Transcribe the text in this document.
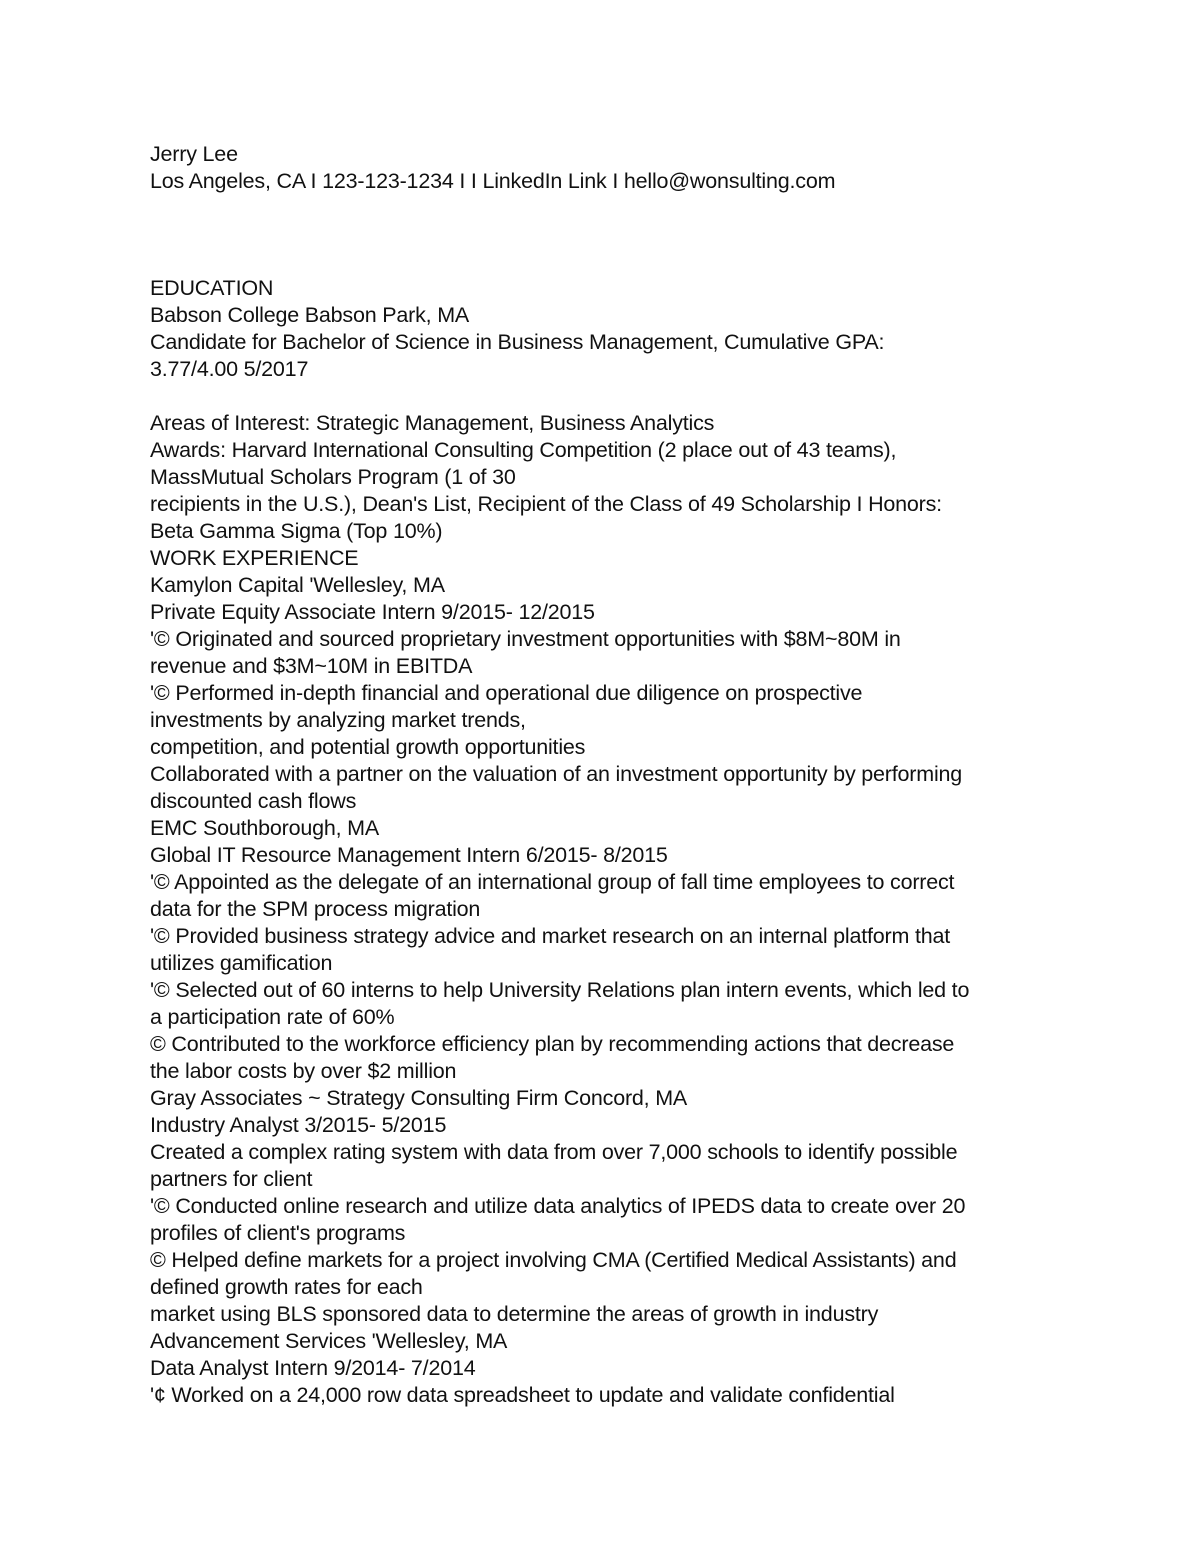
Jerry Lee
Los Angeles, CA I 123-123-1234 I I LinkedIn Link I hello@wonsulting.com
EDUCATION
Babson College Babson Park, MA
Candidate for Bachelor of Science in Business Management, Cumulative GPA:
3.77/4.00 5/2017
Areas of Interest: Strategic Management, Business Analytics
Awards: Harvard International Consulting Competition (2 place out of 43 teams),
MassMutual Scholars Program (1 of 30
recipients in the U.S.), Dean's List, Recipient of the Class of 49 Scholarship I Honors:
Beta Gamma Sigma (Top 10%)
WORK EXPERIENCE
Kamylon Capital 'Wellesley, MA
Private Equity Associate Intern 9/2015- 12/2015
'© Originated and sourced proprietary investment opportunities with $8M~80M in
revenue and $3M~10M in EBITDA
'© Performed in-depth financial and operational due diligence on prospective
investments by analyzing market trends,
competition, and potential growth opportunities
Collaborated with a partner on the valuation of an investment opportunity by performing
discounted cash flows
EMC Southborough, MA
Global IT Resource Management Intern 6/2015- 8/2015
'© Appointed as the delegate of an international group of fall time employees to correct
data for the SPM process migration
'© Provided business strategy advice and market research on an internal platform that
utilizes gamification
'© Selected out of 60 interns to help University Relations plan intern events, which led to
a participation rate of 60%
© Contributed to the workforce efficiency plan by recommending actions that decrease
the labor costs by over $2 million
Gray Associates ~ Strategy Consulting Firm Concord, MA
Industry Analyst 3/2015- 5/2015
Created a complex rating system with data from over 7,000 schools to identify possible
partners for client
'© Conducted online research and utilize data analytics of IPEDS data to create over 20
profiles of client's programs
© Helped define markets for a project involving CMA (Certified Medical Assistants) and
defined growth rates for each
market using BLS sponsored data to determine the areas of growth in industry
Advancement Services 'Wellesley, MA
Data Analyst Intern 9/2014- 7/2014
'¢ Worked on a 24,000 row data spreadsheet to update and validate confidential
